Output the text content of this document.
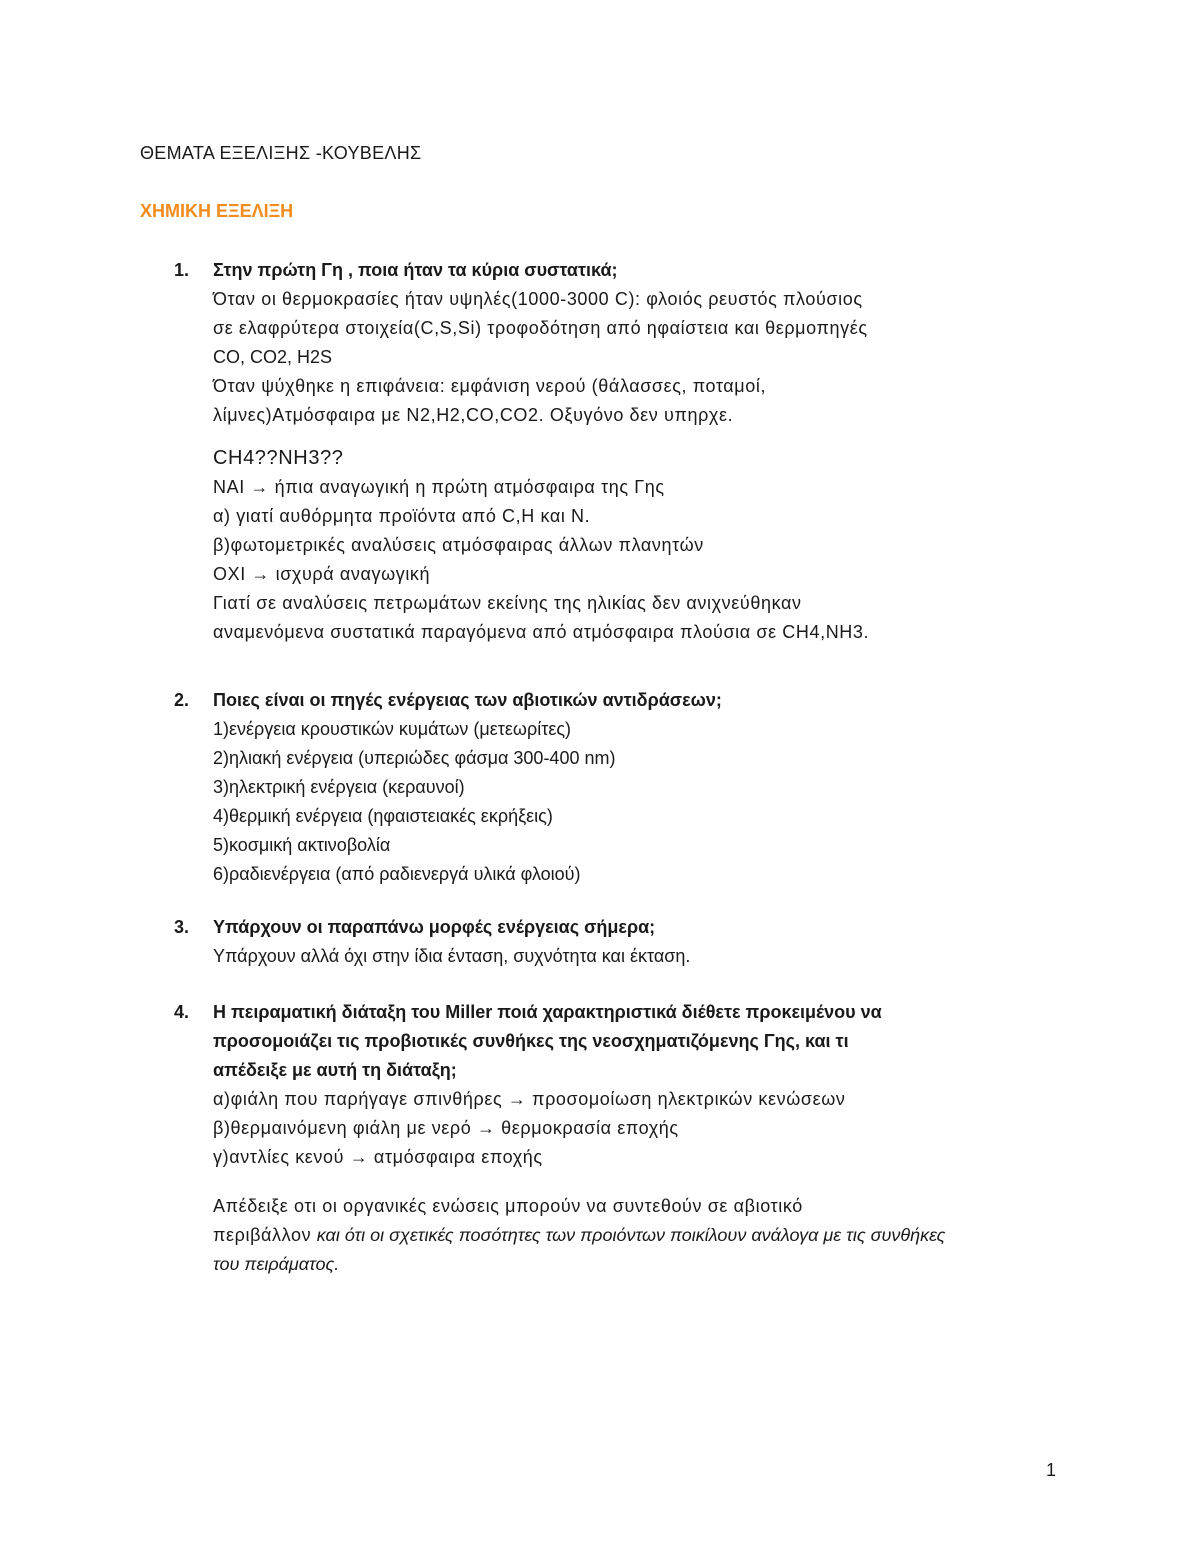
ΘΕΜΑΤΑ ΕΞΕΛΙΞΗΣ -ΚΟΥΒΕΛΗΣ
ΧΗΜΙΚΗ ΕΞΕΛΙΞΗ
1. Στην πρώτη Γη , ποια ήταν τα κύρια συστατικά;
Όταν οι θερμοκρασίες ήταν υψηλές(1000-3000 C): φλοιός ρευστός πλούσιος
σε ελαφρύτερα στοιχεία(C,S,Si) τροφοδότηση από ηφαίστεια και θερμοπηγές
CO, CO2, H2S
Όταν ψύχθηκε η επιφάνεια: εμφάνιση νερού (θάλασσες, ποταμοί,
λίμνες)Ατμόσφαιρα με N2,H2,CO,CO2. Οξυγόνο δεν υπηρχε.
CH4??NH3??
NAI → ήπια αναγωγική η πρώτη ατμόσφαιρα της Γης
α) γιατί αυθόρμητα προϊόντα από C,H και N.
β)φωτομετρικές αναλύσεις ατμόσφαιρας άλλων πλανητών
ΟΧΙ → ισχυρά αναγωγική
Γιατί σε αναλύσεις πετρωμάτων εκείνης της ηλικίας δεν ανιχνεύθηκαν
αναμενόμενα συστατικά παραγόμενα από ατμόσφαιρα πλούσια σε CH4,NH3.
2. Ποιες είναι οι πηγές ενέργειας των αβιοτικών αντιδράσεων;
1)ενέργεια κρουστικών κυμάτων (μετεωρίτες)
2)ηλιακή ενέργεια (υπεριώδες φάσμα 300-400 nm)
3)ηλεκτρική ενέργεια (κεραυνοί)
4)θερμική ενέργεια (ηφαιστειακές εκρήξεις)
5)κοσμική ακτινοβολία
6)ραδιενέργεια (από ραδιενεργά υλικά φλοιού)
3. Υπάρχουν οι παραπάνω μορφές ενέργειας σήμερα;
Υπάρχουν αλλά όχι στην ίδια ένταση, συχνότητα και έκταση.
4. Η πειραματική διάταξη του Miller ποιά χαρακτηριστικά διέθετε προκειμένου να
προσομοιάζει τις προβιοτικές συνθήκες της νεοσχηματιζόμενης Γης, και τι
απέδειξε με αυτή τη διάταξη;
α)φιάλη που παρήγαγε σπινθήρες → προσομοίωση ηλεκτρικών κενώσεων
β)θερμαινόμενη φιάλη με νερό → θερμοκρασία εποχής
γ)αντλίες κενού → ατμόσφαιρα εποχής
Απέδειξε οτι οι οργανικές ενώσεις μπορούν να συντεθούν σε αβιοτικό
περιβάλλον και ότι οι σχετικές ποσότητες των προιόντων ποικίλουν ανάλογα με τις συνθήκες
του πειράματος.
1
